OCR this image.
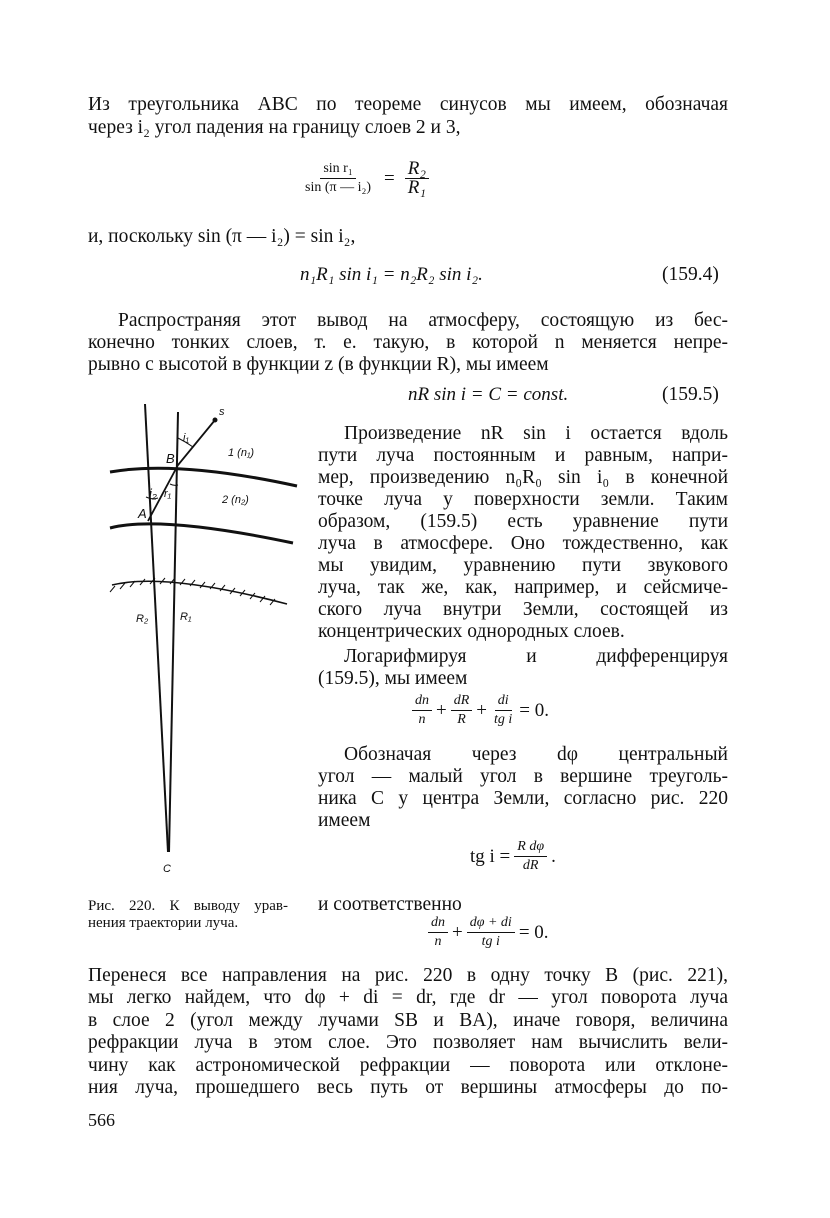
Из треугольника ABC по теореме синусов мы имеем, обозначая
через i₂ угол падения на границу слоев 2 и 3,
$\frac{\text{sin r₁}}{\text{sin (π — i₂)}} = \frac{\text{R₂}}{\text{R₁}}$
и, поскольку sin (π — i₂) = sin i₂,
n₁R₁ sin i₁ = n₂R₂ sin i₂.	(159.4)
Распространяя этот вывод на атмосферу, состоящую из бес-
конечно тонких слоев, т. е. такую, в которой n меняется непре-
рывно с высотой в функции z (в функции R), мы имеем
nR sin i = C = const.	(159.5)
Произведение nR sin i остается вдоль
пути луча постоянным и равным, напри-
мер, произведению n₀R₀ sin i₀ в конечной
точке луча у поверхности земли. Таким
образом, (159.5) есть уравнение пути
луча в атмосфере. Оно тождественно, как
мы увидим, уравнению пути звукового
луча, так же, как, например, и сейсмиче-
ского луча внутри Земли, состоящей из
концентрических однородных слоев.
Логарифмируя и дифференцируя
(159.5), мы имеем
$\frac{dn}{n} + \frac{dR}{R} + \frac{di}{\text{tg i}} = 0$.
Обозначая через dφ центральный
угол — малый угол в вершине треуголь-
ника C у центра Земли, согласно рис. 220
имеем
tg $i = \frac{\text{R dφ}}{dR}$ .
и соответственно
$\frac{dn}{n} + \frac{d\varphi + di}{\text{tg i}} = 0$.
s
i₁
1 (n₁)
B
i₂ r₁	2 (n₂)
A
R₂	R₁
C
Рис. 220. К выводу урав-
нения траектории луча.
Перенеся все направления на рис. 220 в одну точку B (рис. 221),
мы легко найдем, что dφ + di = dr, где dr — угол поворота луча
в слое 2 (угол между лучами SB и BA), иначе говоря, величина
рефракции луча в этом слое. Это позволяет нам вычислить вели-
чину как астрономической рефракции — поворота или отклоне-
ния луча, прошедшего весь путь от вершины атмосферы до по-
566
